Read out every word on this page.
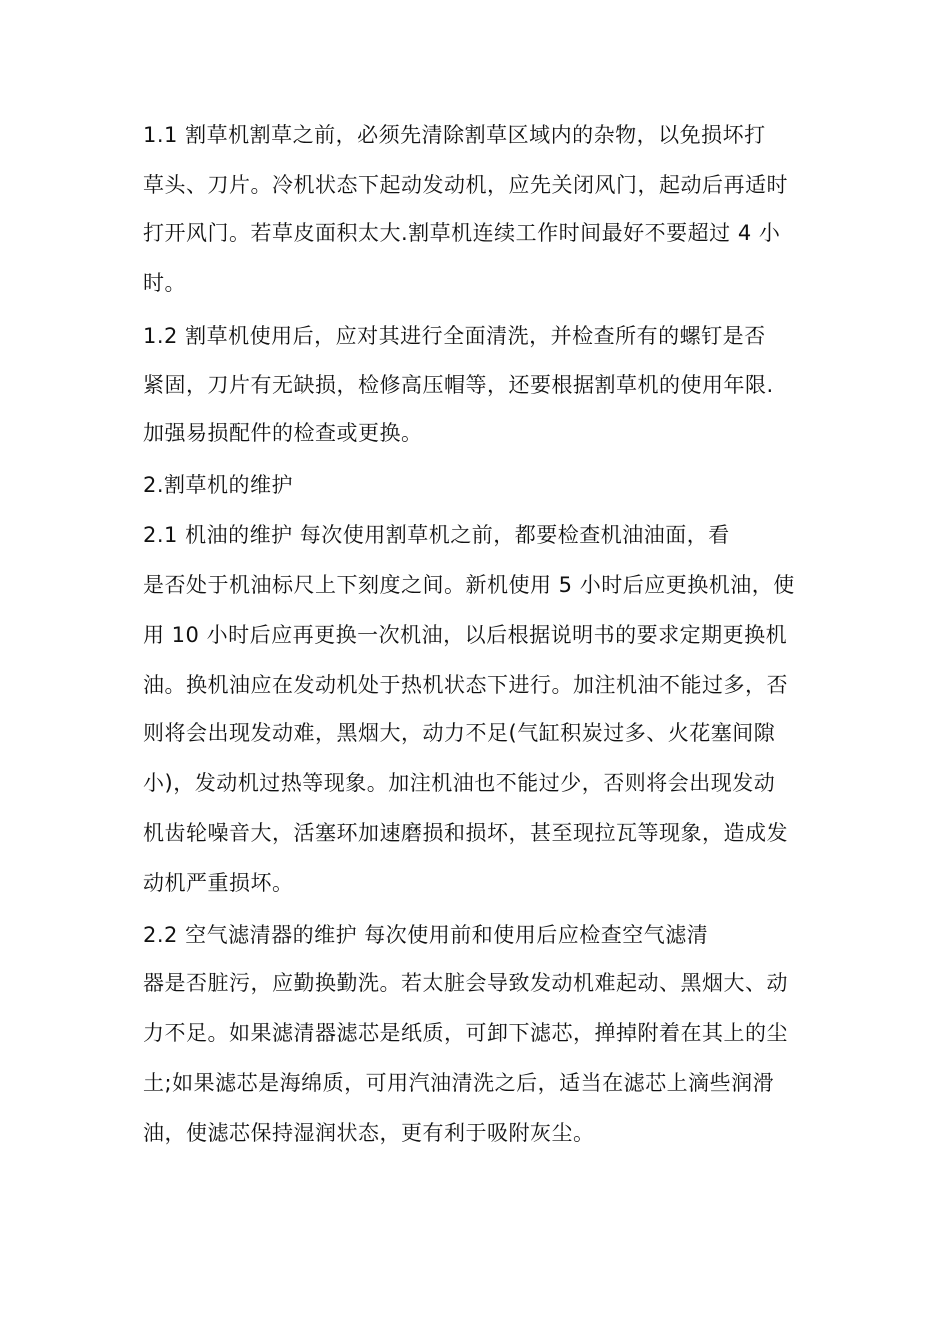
1.1 割草机割草之前，必须先清除割草区域内的杂物，以免损坏打
草头、刀片。冷机状态下起动发动机，应先关闭风门，起动后再适时
打开风门。若草皮面积太大.割草机连续工作时间最好不要超过 4 小
时。
1.2 割草机使用后，应对其进行全面清洗，并检查所有的螺钉是否
紧固，刀片有无缺损，检修高压帽等，还要根据割草机的使用年限.
加强易损配件的检查或更换。
2.割草机的维护
2.1 机油的维护 每次使用割草机之前，都要检查机油油面，看
是否处于机油标尺上下刻度之间。新机使用 5 小时后应更换机油，使
用 10 小时后应再更换一次机油，以后根据说明书的要求定期更换机
油。换机油应在发动机处于热机状态下进行。加注机油不能过多，否
则将会出现发动难，黑烟大，动力不足(气缸积炭过多、火花塞间隙
小)，发动机过热等现象。加注机油也不能过少，否则将会出现发动
机齿轮噪音大，活塞环加速磨损和损坏，甚至现拉瓦等现象，造成发
动机严重损坏。
2.2 空气滤清器的维护 每次使用前和使用后应检查空气滤清
器是否脏污，应勤换勤洗。若太脏会导致发动机难起动、黑烟大、动
力不足。如果滤清器滤芯是纸质，可卸下滤芯，掸掉附着在其上的尘
土;如果滤芯是海绵质，可用汽油清洗之后，适当在滤芯上滴些润滑
油，使滤芯保持湿润状态，更有利于吸附灰尘。
